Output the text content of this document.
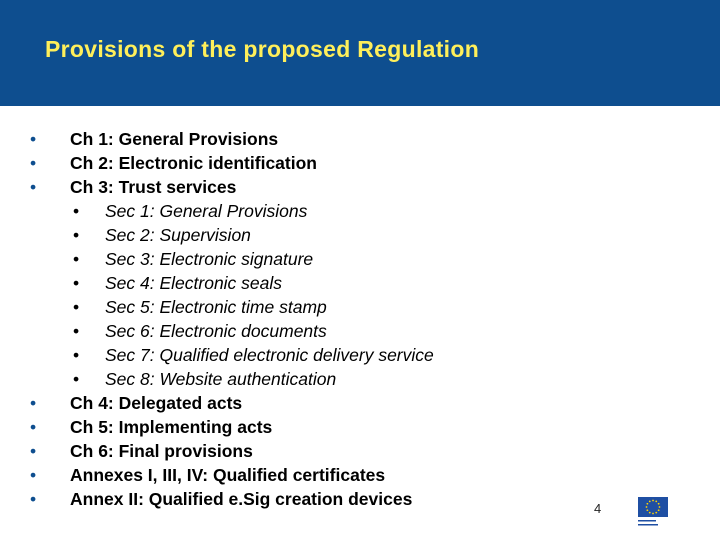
Provisions of the proposed Regulation
•	Ch 1: General Provisions
•	Ch 2: Electronic identification
•	Ch 3: Trust services
•	Sec 1: General Provisions
•	Sec 2: Supervision
•	Sec 3: Electronic signature
•	Sec 4: Electronic seals
•	Sec 5: Electronic time stamp
•	Sec 6: Electronic documents
•	Sec 7: Qualified electronic delivery service
•	Sec 8: Website authentication
•	Ch 4: Delegated acts
•	Ch 5: Implementing acts
•	Ch 6: Final provisions
•	Annexes I, III, IV: Qualified certificates
•	Annex II: Qualified e.Sig creation devices	4
